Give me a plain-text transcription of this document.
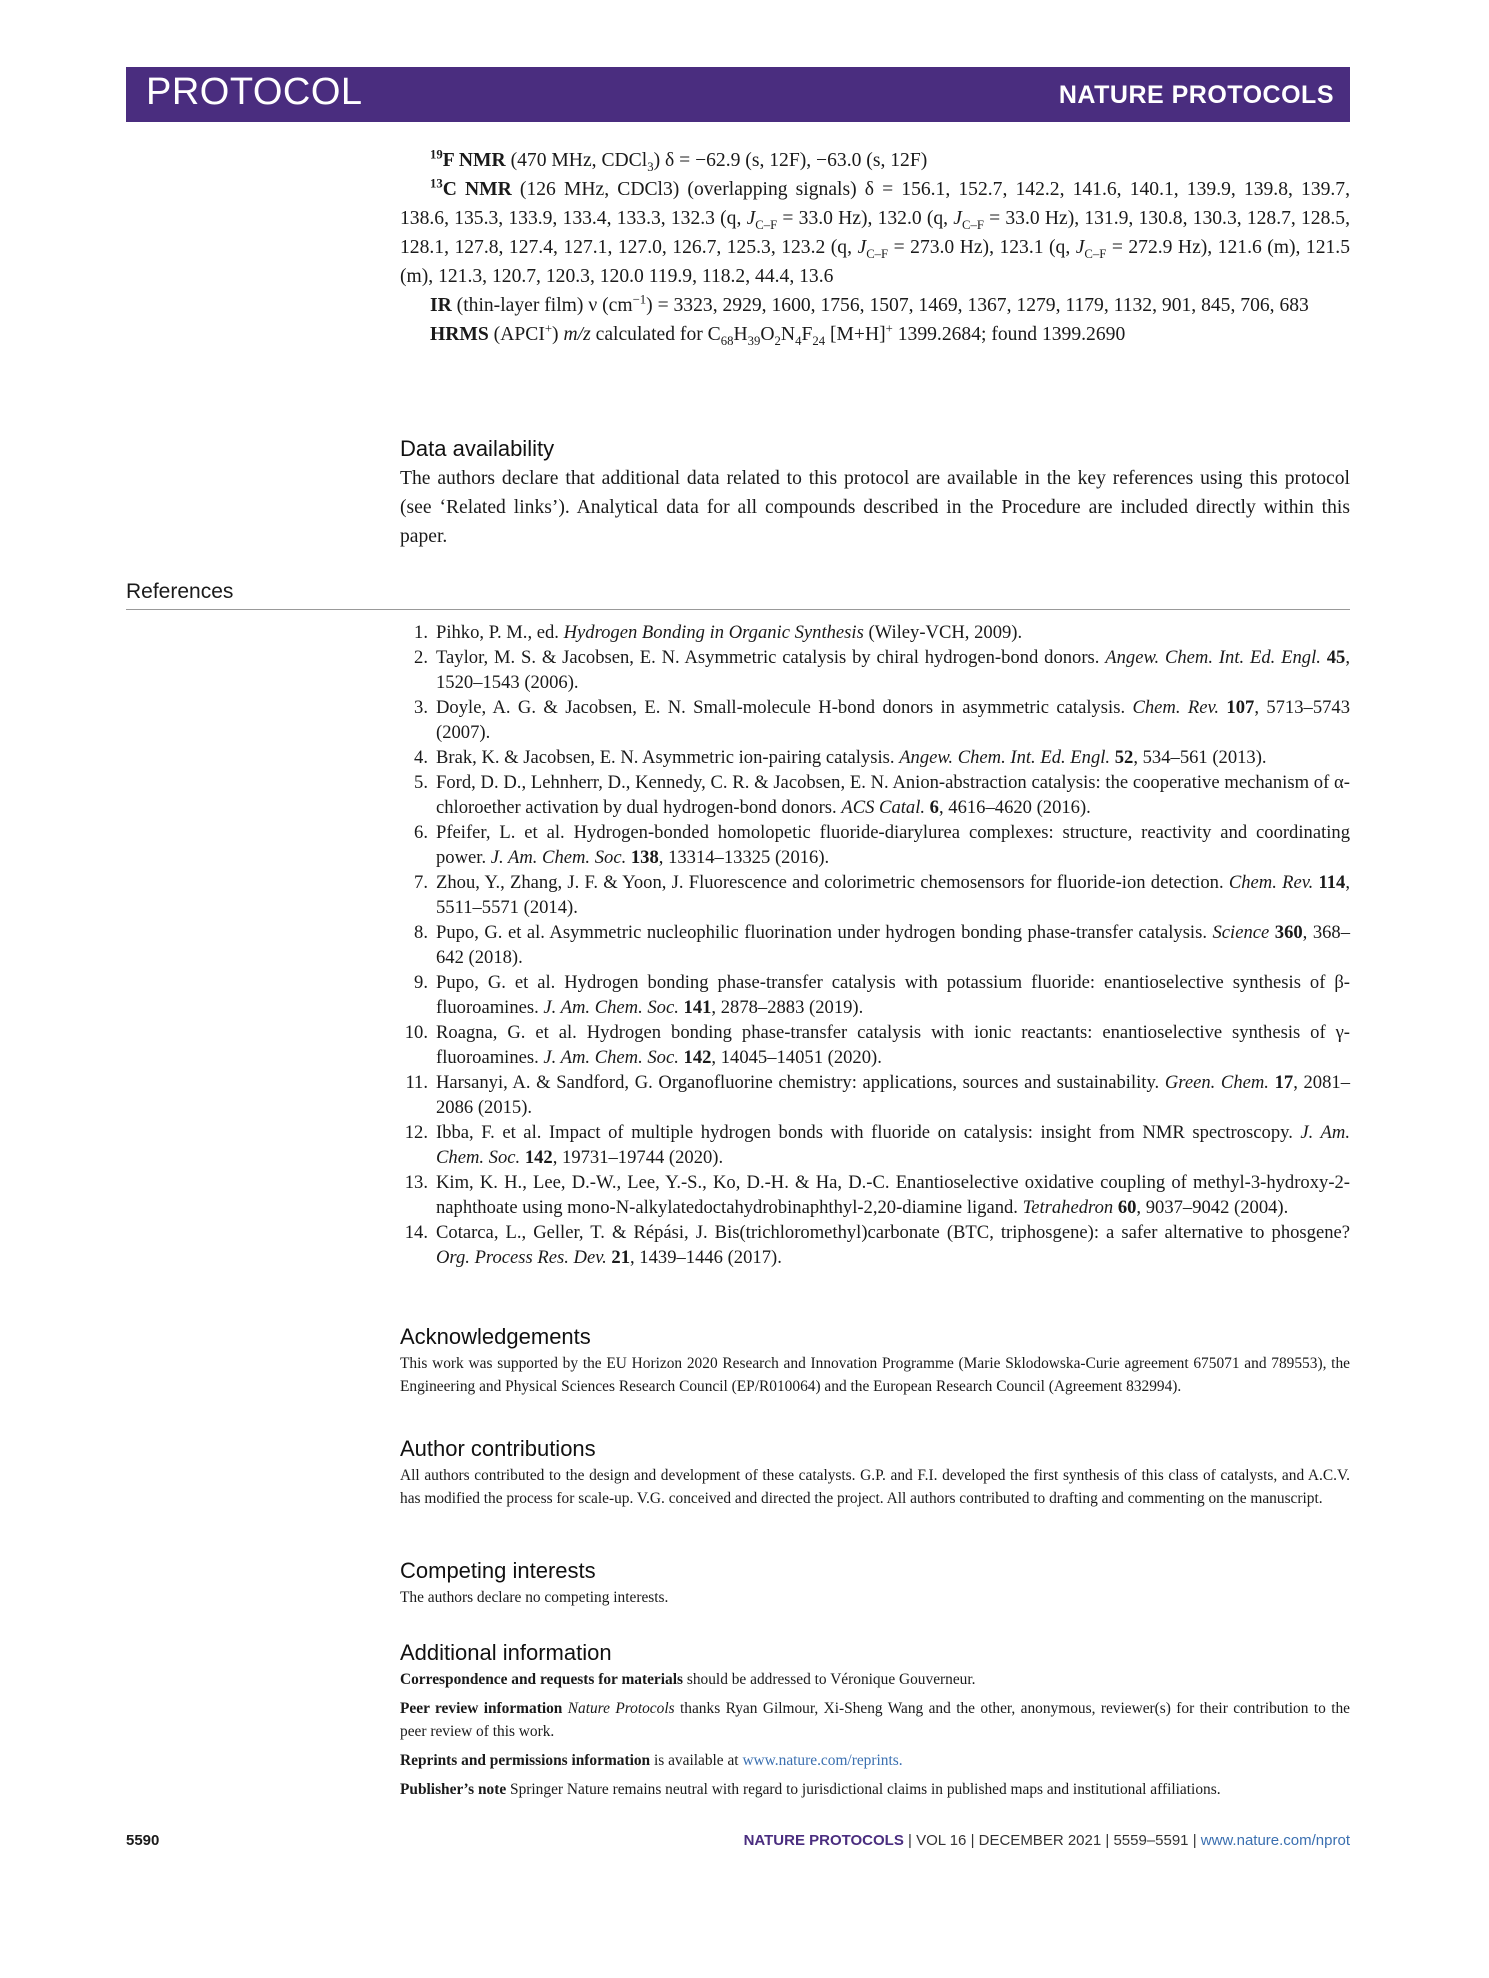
PROTOCOL	NATURE PROTOCOLS

$^{19}$F NMR (470 MHz, CDCl$_3$) δ = −62.9 (s, 12F), −63.0 (s, 12F)

$^{13}$C NMR (126 MHz, CDCl3) (overlapping signals) δ = 156.1, 152.7, 142.2, 141.6, 140.1, 139.9, 139.8, 139.7, 138.6, 135.3, 133.9, 133.4, 133.3, 132.3 (q, $J_{C-F} = 33.0$ Hz), 132.0 (q, $J_{C-F} = 33.0$ Hz), 131.9, 130.8, 130.3, 128.7, 128.5, 128.1, 127.8, 127.4, 127.1, 127.0, 126.7, 125.3, 123.2 (q, $J_{C-F} = 273.0$ Hz), 123.1 (q, $J_{C-F} = 272.9$ Hz), 121.6 (m), 121.5 (m), 121.3, 120.7, 120.3, 120.0 119.9, 118.2, 44.4, 13.6

IR (thin-layer film) ν $(cm^{-1}) = 3323$, 2929, 1600, 1756, 1507, 1469, 1367, 1279, 1179, 1132, 901, 845, 706, 683

HRMS (APCI+) m/z calculated for $C_{68}H_{39}O_2N_4F_{24}$ [M+H]+ 1399.2684; found 1399.2690

Data availability

The authors declare that additional data related to this protocol are available in the key references using this protocol (see ‘Related links’). Analytical data for all compounds described in the Procedure are included directly within this paper.

References
1. Pihko, P. M., ed. Hydrogen Bonding in Organic Synthesis (Wiley-VCH, 2009).
2. Taylor, M. S. & Jacobsen, E. N. Asymmetric catalysis by chiral hydrogen-bond donors. Angew. Chem. Int. Ed. Engl. 45, 1520–1543 (2006).
3. Doyle, A. G. & Jacobsen, E. N. Small-molecule H-bond donors in asymmetric catalysis. Chem. Rev. 107, 5713–5743 (2007).
4. Brak, K. & Jacobsen, E. N. Asymmetric ion-pairing catalysis. Angew. Chem. Int. Ed. Engl. 52, 534–561 (2013).
5. Ford, D. D., Lehnherr, D., Kennedy, C. R. & Jacobsen, E. N. Anion-abstraction catalysis: the cooperative mechanism of α-chloroether activation by dual hydrogen-bond donors. ACS Catal. 6, 4616–4620 (2016).
6. Pfeifer, L. et al. Hydrogen-bonded homolopetic fluoride-diarylurea complexes: structure, reactivity and coordinating power. J. Am. Chem. Soc. 138, 13314–13325 (2016).
7. Zhou, Y., Zhang, J. F. & Yoon, J. Fluorescence and colorimetric chemosensors for fluoride-ion detection. Chem. Rev. 114, 5511–5571 (2014).
8. Pupo, G. et al. Asymmetric nucleophilic fluorination under hydrogen bonding phase-transfer catalysis. Science 360, 368–642 (2018).
9. Pupo, G. et al. Hydrogen bonding phase-transfer catalysis with potassium fluoride: enantioselective synthesis of β-fluoroamines. J. Am. Chem. Soc. 141, 2878–2883 (2019).
10. Roagna, G. et al. Hydrogen bonding phase-transfer catalysis with ionic reactants: enantioselective synthesis of γ-fluoroamines. J. Am. Chem. Soc. 142, 14045–14051 (2020).
11. Harsanyi, A. & Sandford, G. Organofluorine chemistry: applications, sources and sustainability. Green. Chem. 17, 2081–2086 (2015).
12. Ibba, F. et al. Impact of multiple hydrogen bonds with fluoride on catalysis: insight from NMR spectroscopy. J. Am. Chem. Soc. 142, 19731–19744 (2020).
13. Kim, K. H., Lee, D.-W., Lee, Y.-S., Ko, D.-H. & Ha, D.-C. Enantioselective oxidative coupling of methyl-3-hydroxy-2-naphthoate using mono-N-alkylatedoctahydrobinaphthyl-2,20-diamine ligand. Tetrahedron 60, 9037–9042 (2004).
14. Cotarca, L., Geller, T. & Répási, J. Bis(trichloromethyl)carbonate (BTC, triphosgene): a safer alternative to phosgene? Org. Process Res. Dev. 21, 1439–1446 (2017).
Acknowledgements

This work was supported by the EU Horizon 2020 Research and Innovation Programme (Marie Sklodowska-Curie agreement 675071 and 789553), the Engineering and Physical Sciences Research Council (EP/R010064) and the European Research Council (Agreement 832994).

Author contributions

All authors contributed to the design and development of these catalysts. G.P. and F.I. developed the first synthesis of this class of catalysts, and A.C.V. has modified the process for scale-up. V.G. conceived and directed the project. All authors contributed to drafting and commenting on the manuscript.

Competing interests

The authors declare no competing interests.

Additional information

Correspondence and requests for materials should be addressed to Véronique Gouverneur.

Peer review information Nature Protocols thanks Ryan Gilmour, Xi-Sheng Wang and the other, anonymous, reviewer(s) for their contribution to the peer review of this work.

Reprints and permissions information is available at www.nature.com/reprints.

Publisher’s note Springer Nature remains neutral with regard to jurisdictional claims in published maps and institutional affiliations.

5590	NATURE PROTOCOLS | VOL 16 | DECEMBER 2021 | 5559–5591 | www.nature.com/nprot
